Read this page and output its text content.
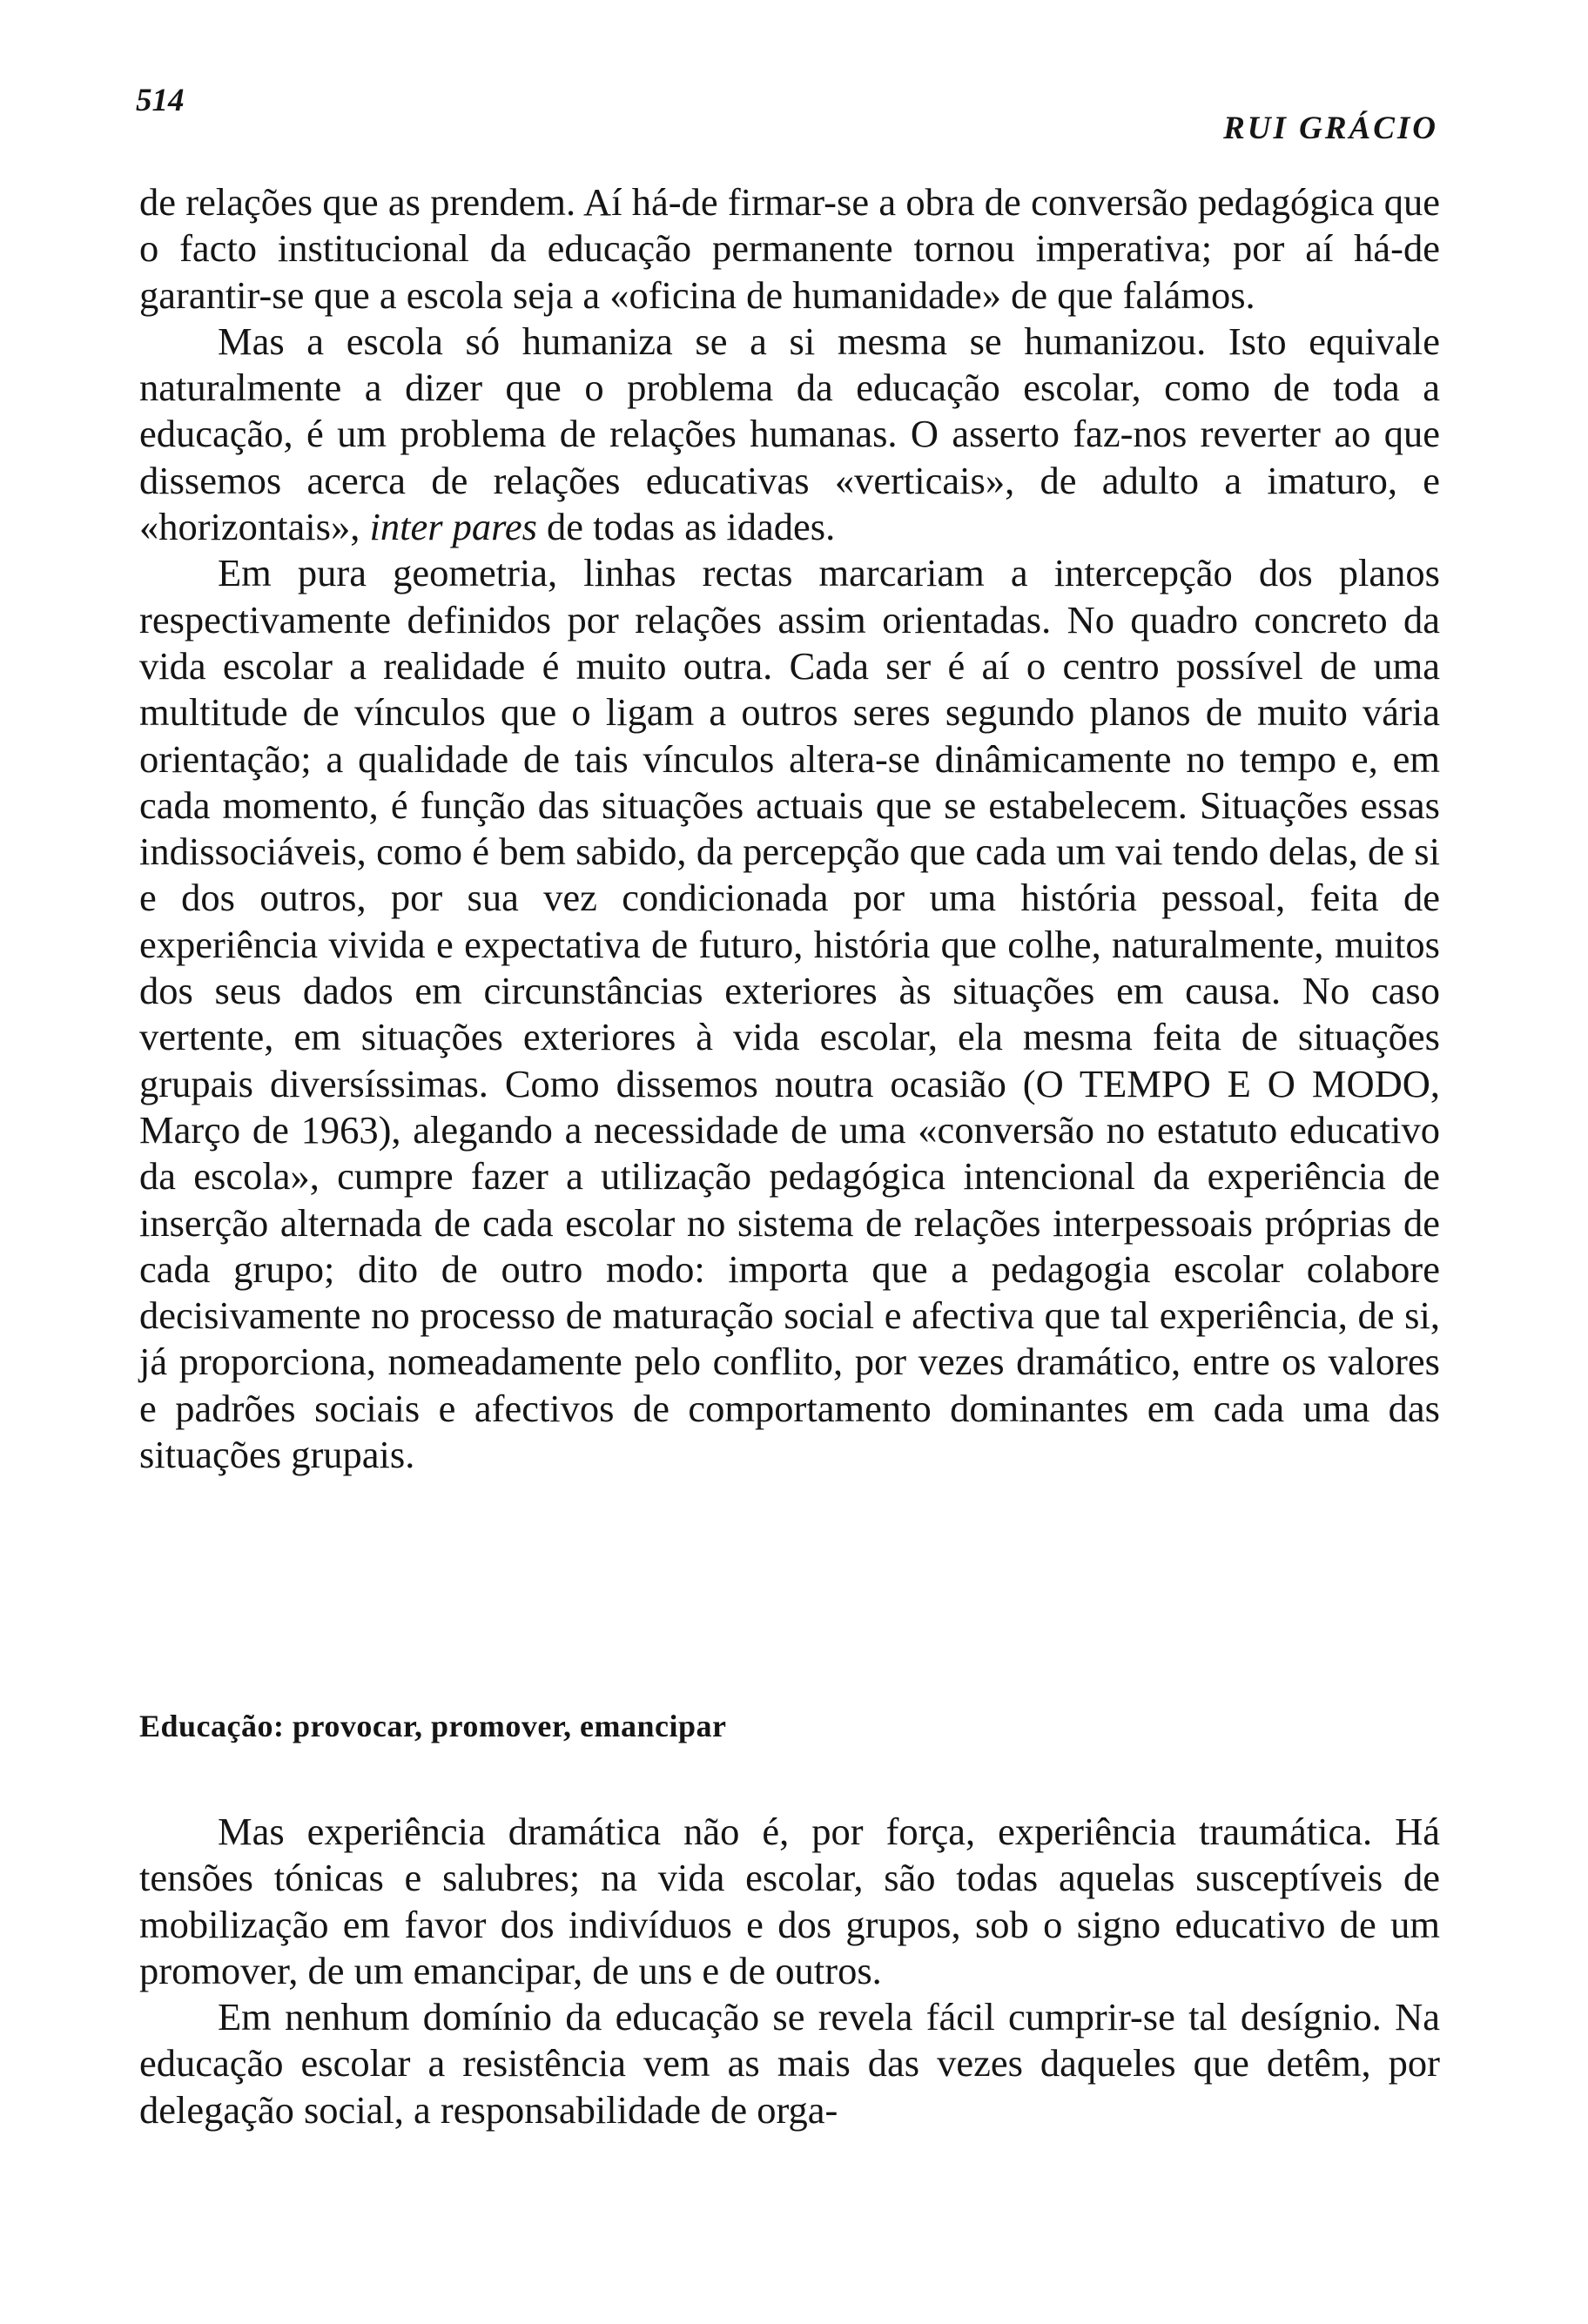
514
RUI GRÁCIO

de relações que as prendem. Aí há-de firmar-se a obra de conversão pedagógica que o facto institucional da educação permanente tornou imperativa; por aí há-de garantir-se que a escola seja a «oficina de humanidade» de que falámos.

Mas a escola só humaniza se a si mesma se humanizou. Isto equivale naturalmente a dizer que o problema da educação escolar, como de toda a educação, é um problema de relações humanas. O asserto faz-nos reverter ao que dissemos acerca de relações educativas «verticais», de adulto a imaturo, e «horizontais», inter pares de todas as idades.

Em pura geometria, linhas rectas marcariam a intercepção dos planos respectivamente definidos por relações assim orientadas. No quadro concreto da vida escolar a realidade é muito outra. Cada ser é aí o centro possível de uma multitude de vínculos que o ligam a outros seres segundo planos de muito vária orientação; a qualidade de tais vínculos altera-se dinâmicamente no tempo e, em cada momento, é função das situações actuais que se estabelecem. Situações essas indissociáveis, como é bem sabido, da percepção que cada um vai tendo delas, de si e dos outros, por sua vez condicionada por uma história pessoal, feita de experiência vivida e expectativa de futuro, história que colhe, naturalmente, muitos dos seus dados em circunstâncias exteriores às situações em causa. No caso vertente, em situações exteriores à vida escolar, ela mesma feita de situações grupais diversíssimas. Como dissemos noutra ocasião (O TEMPO E O MODO, Março de 1963), alegando a necessidade de uma «conversão no estatuto educativo da escola», cumpre fazer a utilização pedagógica intencional da experiência de inserção alternada de cada escolar no sistema de relações interpessoais próprias de cada grupo; dito de outro modo: importa que a pedagogia escolar colabore decisivamente no processo de maturação social e afectiva que tal experiência, de si, já proporciona, nomeadamente pelo conflito, por vezes dramático, entre os valores e padrões sociais e afectivos de comportamento dominantes em cada uma das situações grupais.

Educação: provocar, promover, emancipar

Mas experiência dramática não é, por força, experiência traumática. Há tensões tónicas e salubres; na vida escolar, são todas aquelas susceptíveis de mobilização em favor dos indivíduos e dos grupos, sob o signo educativo de um promover, de um emancipar, de uns e de outros.

Em nenhum domínio da educação se revela fácil cumprir-se tal desígnio. Na educação escolar a resistência vem as mais das vezes daqueles que detêm, por delegação social, a responsabilidade de orga-
